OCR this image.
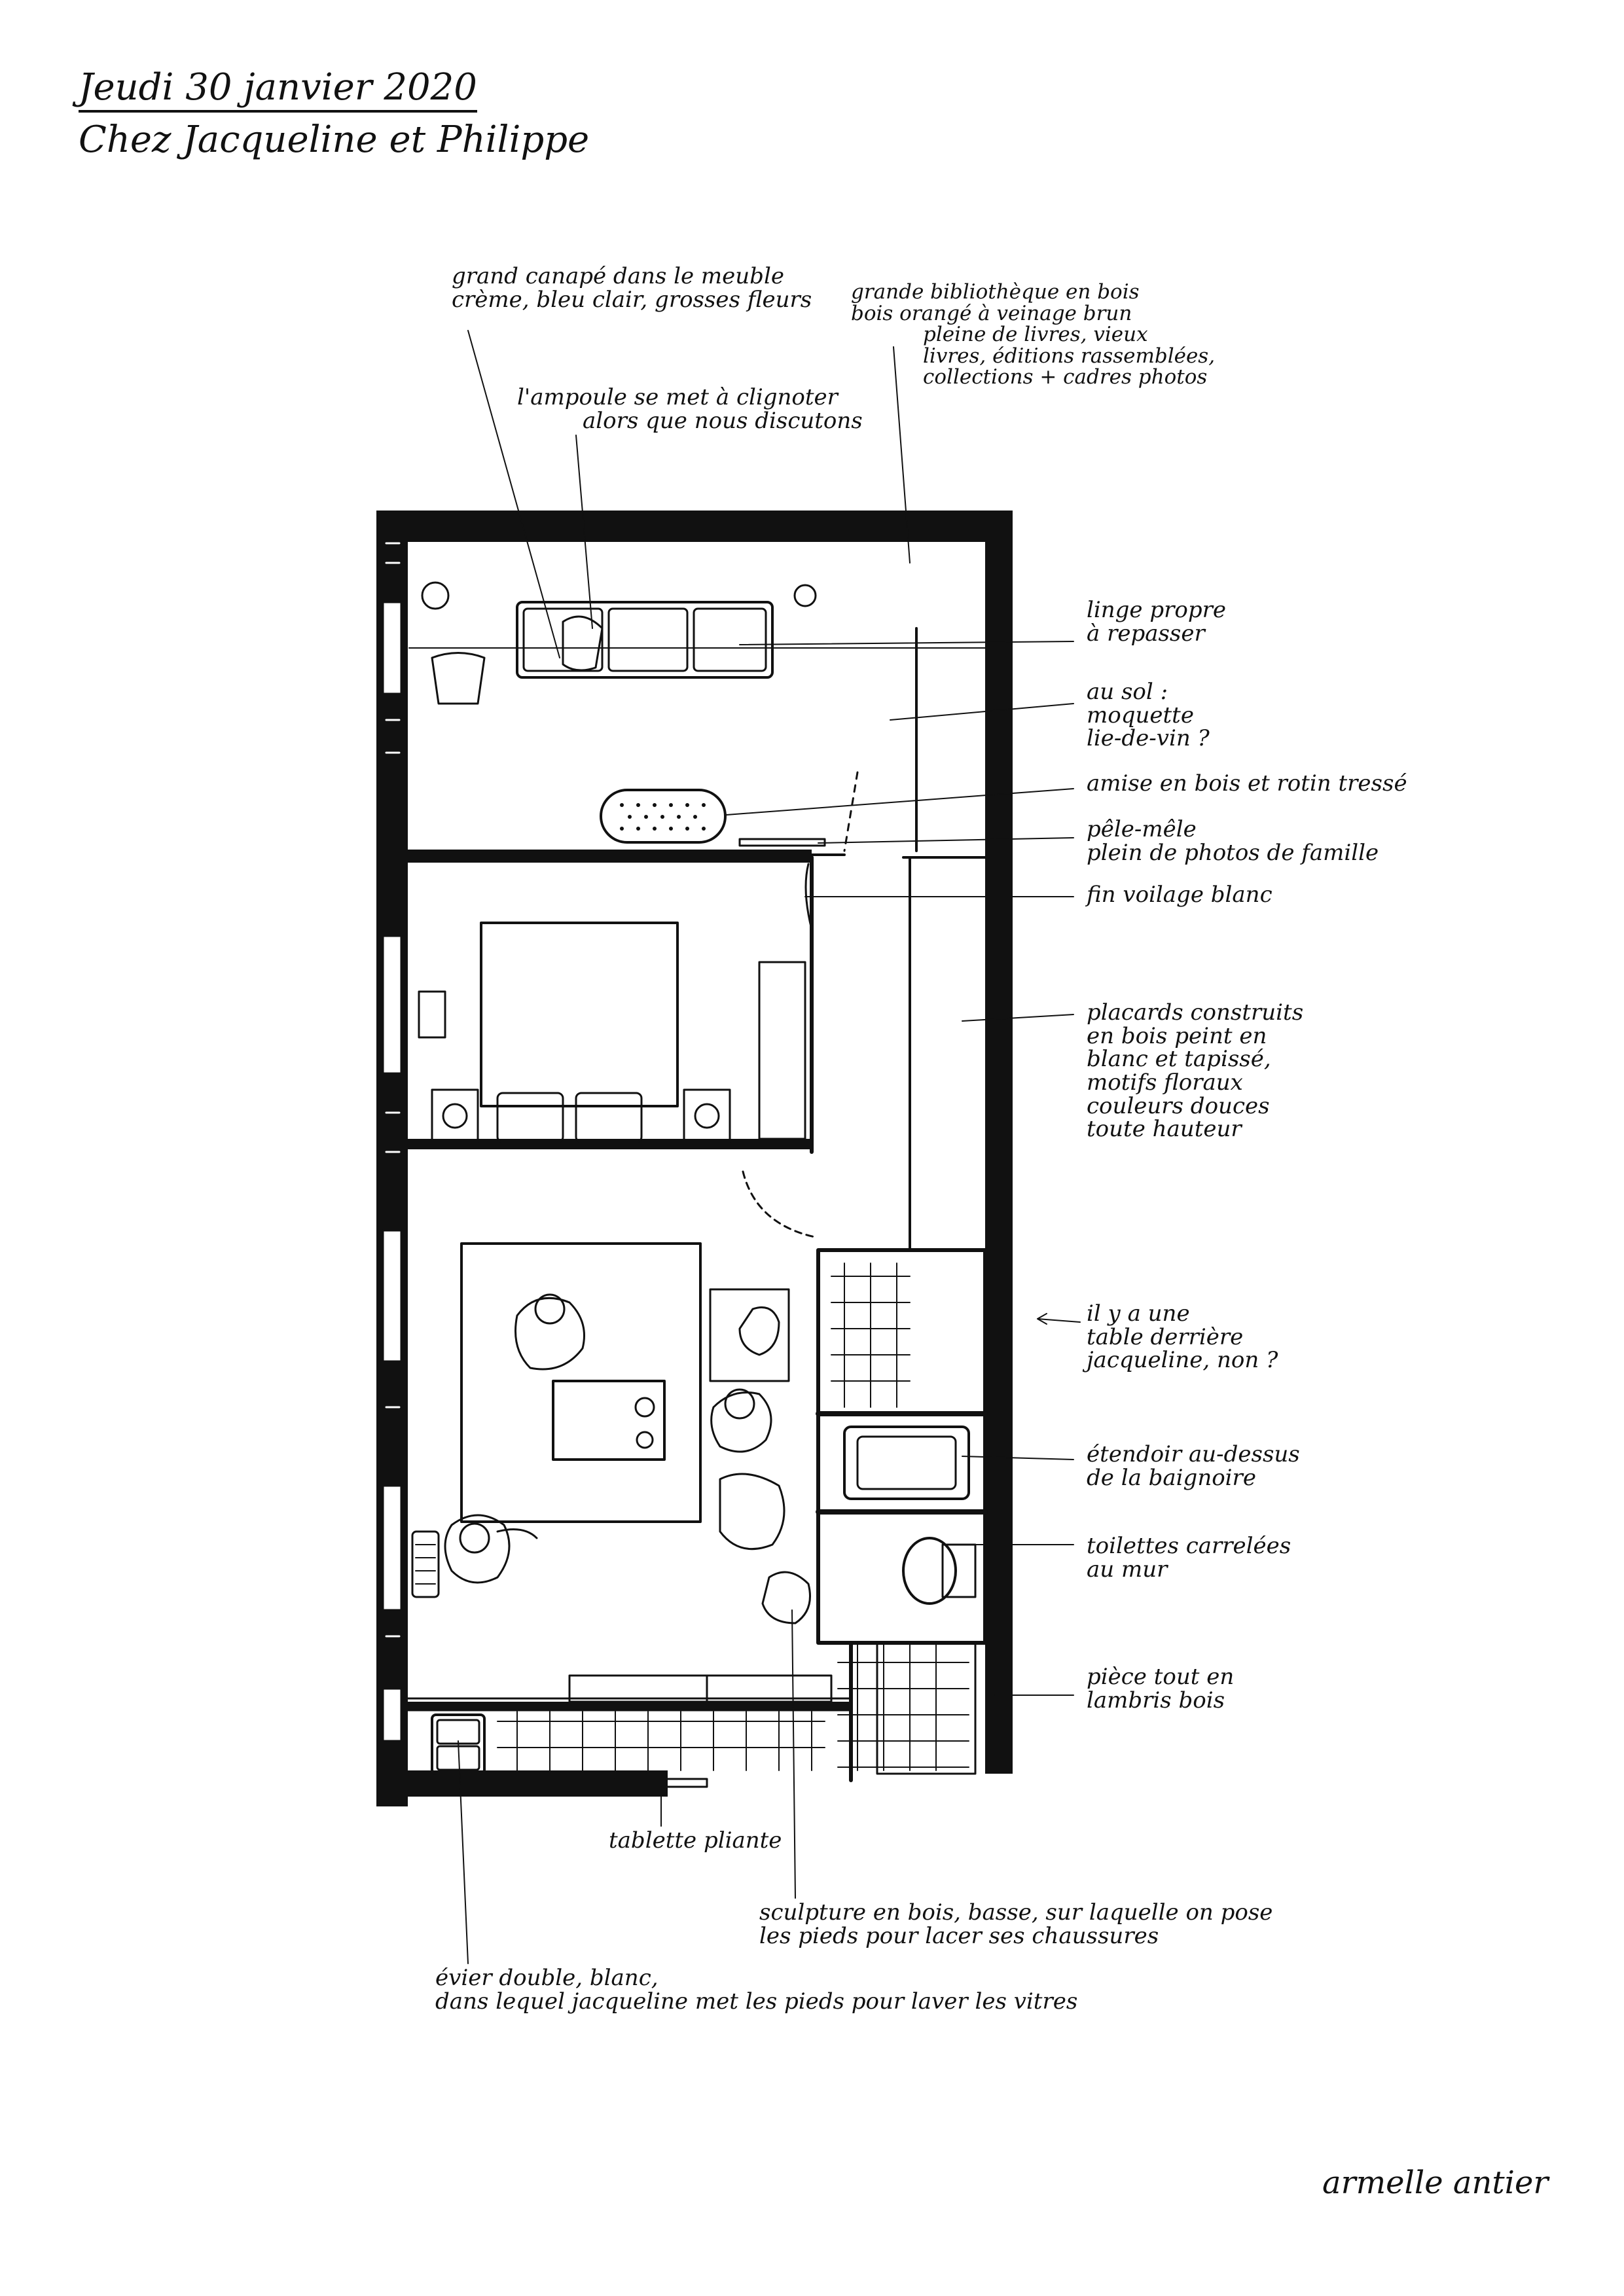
Jeudi 30 janvier 2020
Chez Jacqueline et Philippe
grand canapé dans le meuble
crème, bleu clair, grosses fleurs
l'ampoule se met à clignoter
alors que nous discutons
grande bibliothèque en bois
bois orangé à veinage brun
pleine de livres, vieux
livres, éditions rassemblées,
collections + cadres photos
linge propre
à repasser
au sol :
moquette
lie-de-vin ?
amise en bois et rotin tressé
pêle-mêle
plein de photos de famille
fin voilage blanc
placards construits
en bois peint en
blanc et tapissé,
motifs floraux
couleurs douces
toute hauteur
il y a une
table derrière
jacqueline, non ?
étendoir au-dessus
de la baignoire
toilettes carrelées
au mur
pièce tout en
lambris bois
tablette pliante
sculpture en bois, basse, sur laquelle on pose
les pieds pour lacer ses chaussures
évier double, blanc,
dans lequel jacqueline met les pieds pour laver les vitres
armelle antier
